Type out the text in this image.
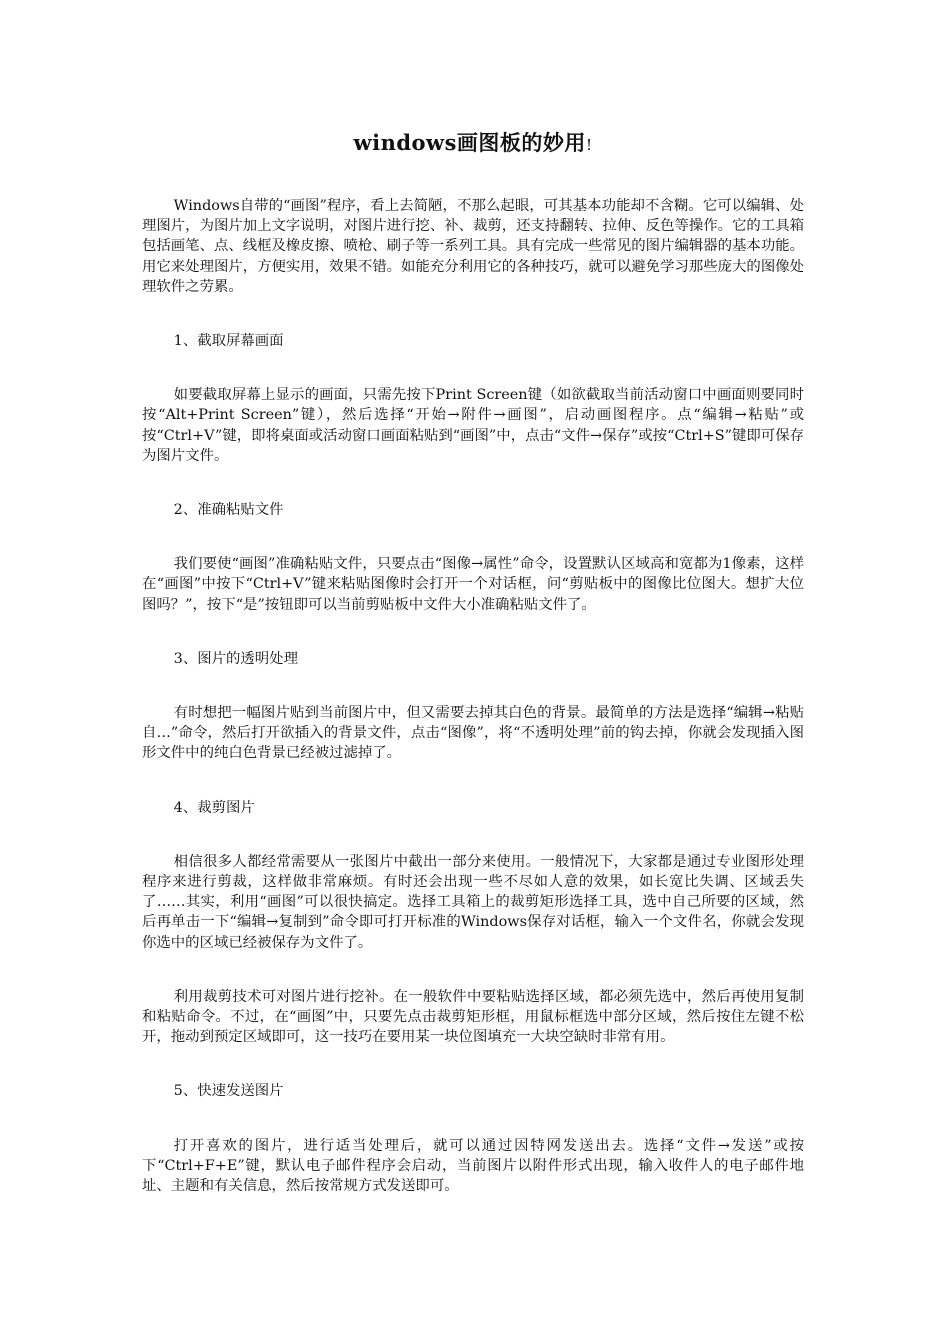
windows画图板的妙用!

Windows自带的“画图”程序，看上去简陋，不那么起眼，可其基本功能却不含糊。它可以编辑、处理图片，为图片加上文字说明，对图片进行挖、补、裁剪，还支持翻转、拉伸、反色等操作。它的工具箱包括画笔、点、线框及橡皮擦、喷枪、刷子等一系列工具。具有完成一些常见的图片编辑器的基本功能。用它来处理图片，方便实用，效果不错。如能充分利用它的各种技巧，就可以避免学习那些庞大的图像处理软件之劳累。

1、截取屏幕画面

如要截取屏幕上显示的画面，只需先按下Print Screen键（如欲截取当前活动窗口中画面则要同时按“Alt+Print Screen”键），然后选择“开始→附件→画图”，启动画图程序。点“编辑→粘贴”或按“Ctrl+V”键，即将桌面或活动窗口画面粘贴到“画图”中，点击“文件→保存”或按“Ctrl+S”键即可保存为图片文件。

2、准确粘贴文件

我们要使“画图”准确粘贴文件，只要点击“图像→属性”命令，设置默认区域高和宽都为1像素，这样在“画图”中按下“Ctrl+V”键来粘贴图像时会打开一个对话框，问“剪贴板中的图像比位图大。想扩大位图吗？”，按下“是”按钮即可以当前剪贴板中文件大小准确粘贴文件了。

3、图片的透明处理

有时想把一幅图片贴到当前图片中，但又需要去掉其白色的背景。最简单的方法是选择“编辑→粘贴自…”命令，然后打开欲插入的背景文件，点击“图像”，将“不透明处理”前的钩去掉，你就会发现插入图形文件中的纯白色背景已经被过滤掉了。

4、裁剪图片

相信很多人都经常需要从一张图片中截出一部分来使用。一般情况下，大家都是通过专业图形处理程序来进行剪裁，这样做非常麻烦。有时还会出现一些不尽如人意的效果，如长宽比失调、区域丢失了……其实，利用“画图”可以很快搞定。选择工具箱上的裁剪矩形选择工具，选中自己所要的区域，然后再单击一下“编辑→复制到”命令即可打开标准的Windows保存对话框，输入一个文件名，你就会发现你选中的区域已经被保存为文件了。

利用裁剪技术可对图片进行挖补。在一般软件中要粘贴选择区域，都必须先选中，然后再使用复制和粘贴命令。不过，在“画图”中，只要先点击裁剪矩形框，用鼠标框选中部分区域，然后按住左键不松开，拖动到预定区域即可，这一技巧在要用某一块位图填充一大块空缺时非常有用。

5、快速发送图片

打开喜欢的图片，进行适当处理后，就可以通过因特网发送出去。选择“文件→发送”或按下“Ctrl+F+E”键，默认电子邮件程序会启动，当前图片以附件形式出现，输入收件人的电子邮件地址、主题和有关信息，然后按常规方式发送即可。
